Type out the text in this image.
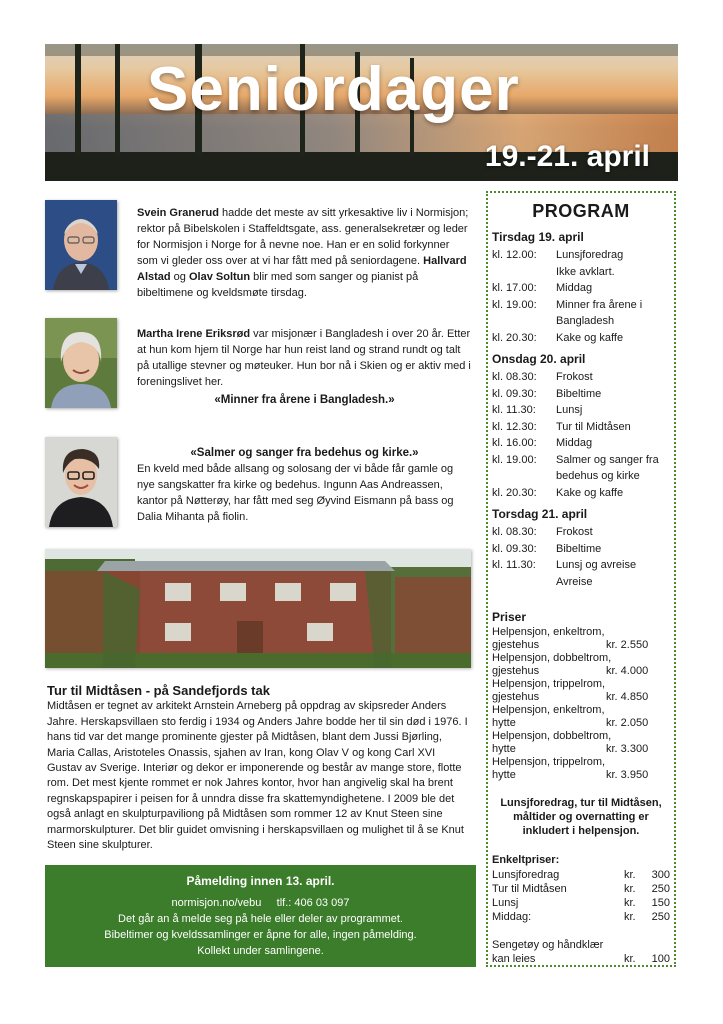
Seniordager
19.-21. april
Svein Granerud hadde det meste av sitt yrkesaktive liv i Normisjon; rektor på Bibelskolen i Staffeldtsgate, ass. generalsekretær og leder for Normisjon i Norge for å nevne noe. Han er en solid forkynner som vi gleder oss over at vi har fått med på seniordagene. Hallvard Alstad og Olav Soltun blir med som sanger og pianist på bibeltimene og kveldsmøte tirsdag.
Martha Irene Eriksrød var misjonær i Bangladesh i over 20 år. Etter at hun kom hjem til Norge har hun reist land og strand rundt og talt på utallige stevner og møteuker. Hun bor nå i Skien og er aktiv med i foreningslivet her.
«Minner fra årene i Bangladesh.»
«Salmer og sanger fra bedehus og kirke.»
En kveld med både allsang og solosang der vi både får gamle og nye sangskatter fra kirke og bedehus. Ingunn Aas Andreassen, kantor på Nøtterøy, har fått med seg Øyvind Eismann på bass og Dalia Mihanta på fiolin.
Tur til Midtåsen - på Sandefjords tak
Midtåsen er tegnet av arkitekt Arnstein Arneberg på oppdrag av skipsreder Anders Jahre. Herskapsvillaen sto ferdig i 1934 og Anders Jahre bodde her til sin død i 1976. I hans tid var det mange prominente gjester på Midtåsen, blant dem Jussi Bjørling, Maria Callas, Aristoteles Onassis, sjahen av Iran, kong Olav V og kong Carl XVI Gustav av Sverige. Interiør og dekor er imponerende og består av mange store, flotte rom. Det mest kjente rommet er nok Jahres kontor, hvor han angivelig skal ha brent regnskapspapirer i peisen for å unndra disse fra skattemyndighetene. I 2009 ble det også anlagt en skulpturpaviliong på Midtåsen som rommer 12 av Knut Steen sine marmorskulpturer. Det blir guidet omvisning i herskapsvillaen og mulighet til å se Knut Steen sine skulpturer.
Påmelding innen 13. april.
normisjon.no/vebu     tlf.: 406 03 097
Det går an å melde seg på hele eller deler av programmet.
Bibeltimer og kveldssamlinger er åpne for alle, ingen påmelding.
Kollekt under samlingene.
PROGRAM
Tirsdag 19. april
kl. 12.00:	Lunsjforedrag
Ikke avklart.
kl. 17.00:	Middag
kl. 19.00:	Minner fra årene i
Bangladesh
kl. 20.30:	Kake og kaffe
Onsdag 20. april
kl. 08.30:	Frokost
kl. 09.30:	Bibeltime
kl. 11.30:	Lunsj
kl. 12.30:	Tur til Midtåsen
kl. 16.00:	Middag
kl. 19.00:	Salmer og sanger fra
bedehus og kirke
kl. 20.30:	Kake og kaffe
Torsdag 21. april
kl. 08.30:	Frokost
kl. 09.30:	Bibeltime
kl. 11.30:	Lunsj og avreise
Avreise
Priser
Helpensjon, enkeltrom,
gjestehus	kr. 2.550
Helpensjon, dobbeltrom,
gjestehus	kr. 4.000
Helpensjon, trippelrom,
gjestehus	kr. 4.850
Helpensjon, enkeltrom,
hytte	kr. 2.050
Helpensjon, dobbeltrom,
hytte	kr. 3.300
Helpensjon, trippelrom,
hytte	kr. 3.950
Lunsjforedrag, tur til Midtåsen, måltider og overnatting er inkludert i helpensjon.
Enkeltpriser:
Lunsjforedrag	kr.	300
Tur til Midtåsen	kr.	250
Lunsj	kr.	150
Middag:	kr.	250
Sengetøy og håndklær
kan leies	kr.	100
